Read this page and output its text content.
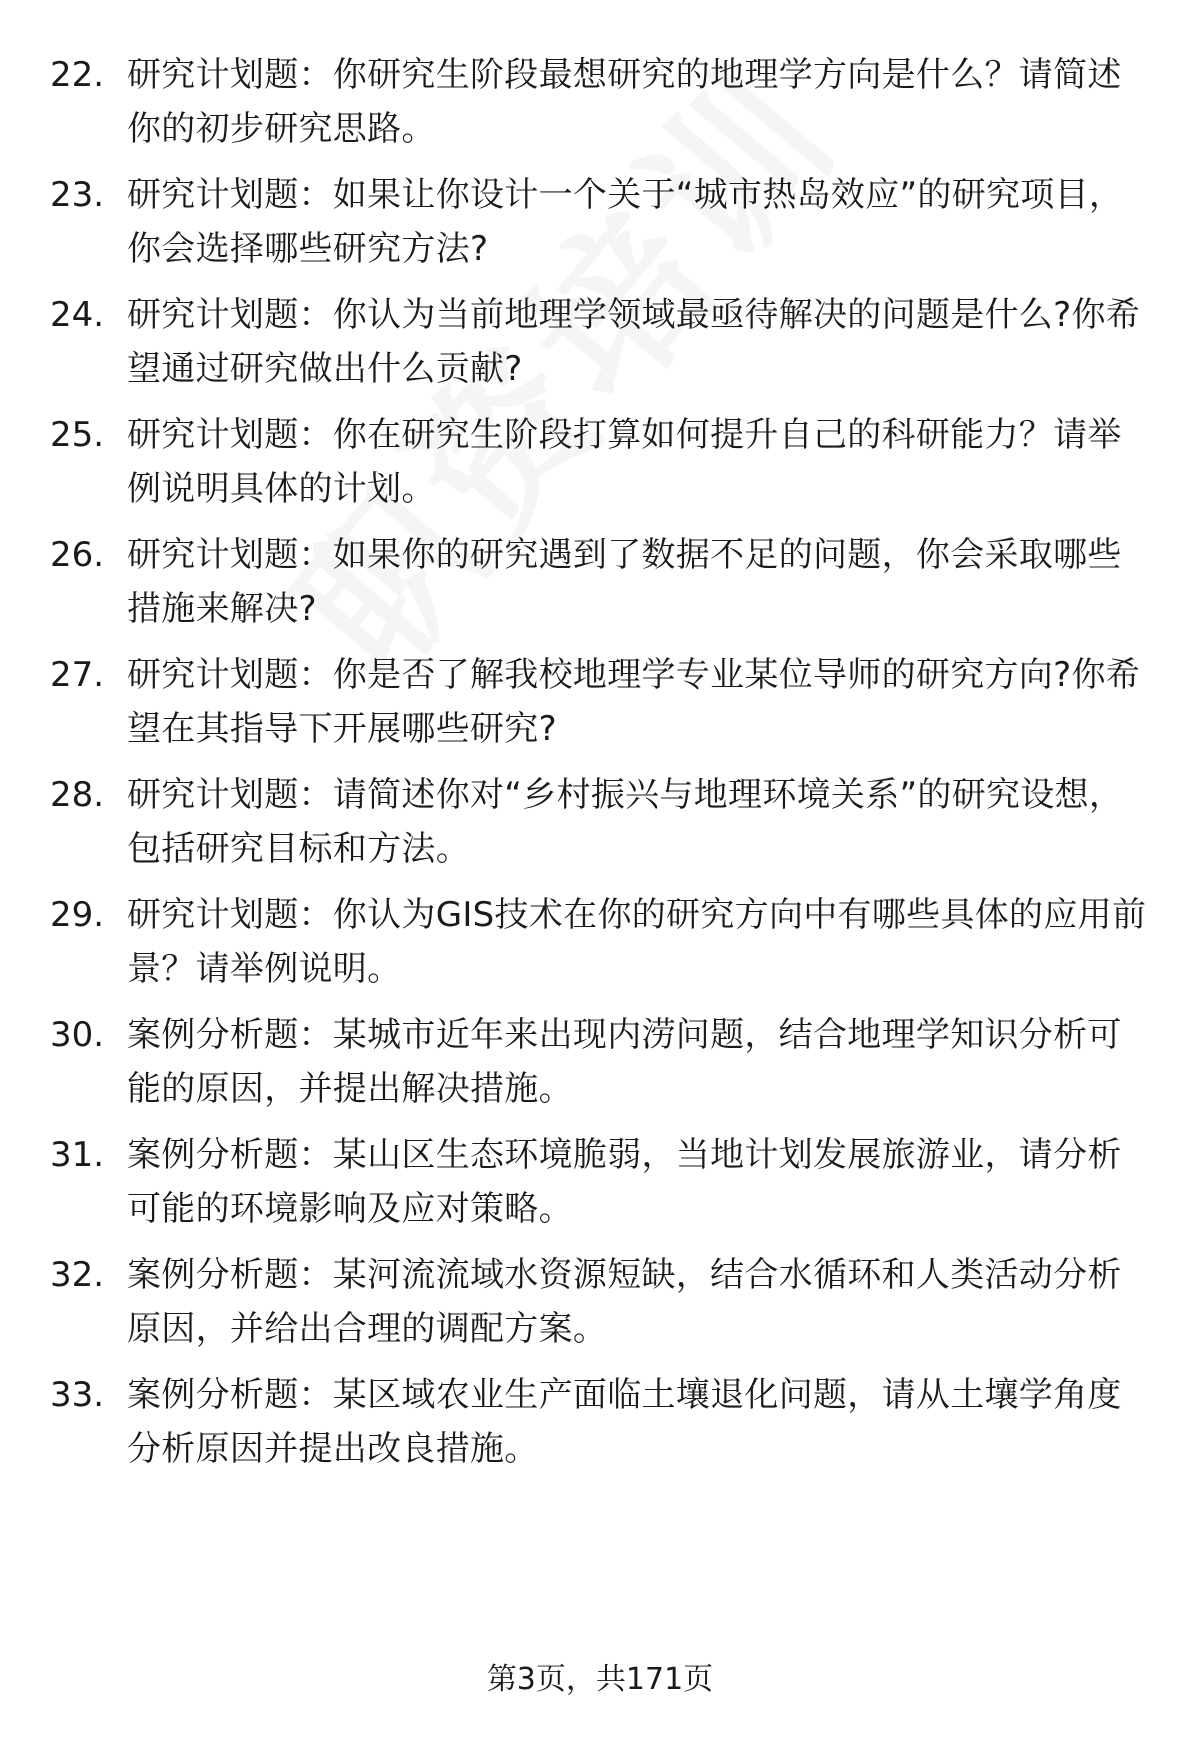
22. 研究计划题：你研究生阶段最想研究的地理学方向是什么？请简述你的初步研究思路。
23. 研究计划题：如果让你设计一个关于“城市热岛效应”的研究项目，你会选择哪些研究方法?
24. 研究计划题：你认为当前地理学领域最亟待解决的问题是什么?你希望通过研究做出什么贡献?
25. 研究计划题：你在研究生阶段打算如何提升自己的科研能力？请举例说明具体的计划。
26. 研究计划题：如果你的研究遇到了数据不足的问题，你会采取哪些措施来解决?
27. 研究计划题：你是否了解我校地理学专业某位导师的研究方向?你希望在其指导下开展哪些研究?
28. 研究计划题：请简述你对“乡村振兴与地理环境关系”的研究设想，包括研究目标和方法。
29. 研究计划题：你认为GIS技术在你的研究方向中有哪些具体的应用前景？请举例说明。
30. 案例分析题：某城市近年来出现内涝问题，结合地理学知识分析可能的原因，并提出解决措施。
31. 案例分析题：某山区生态环境脆弱，当地计划发展旅游业，请分析可能的环境影响及应对策略。
32. 案例分析题：某河流流域水资源短缺，结合水循环和人类活动分析原因，并给出合理的调配方案。
33. 案例分析题：某区域农业生产面临土壤退化问题，请从土壤学角度分析原因并提出改良措施。
第3页，共171页
